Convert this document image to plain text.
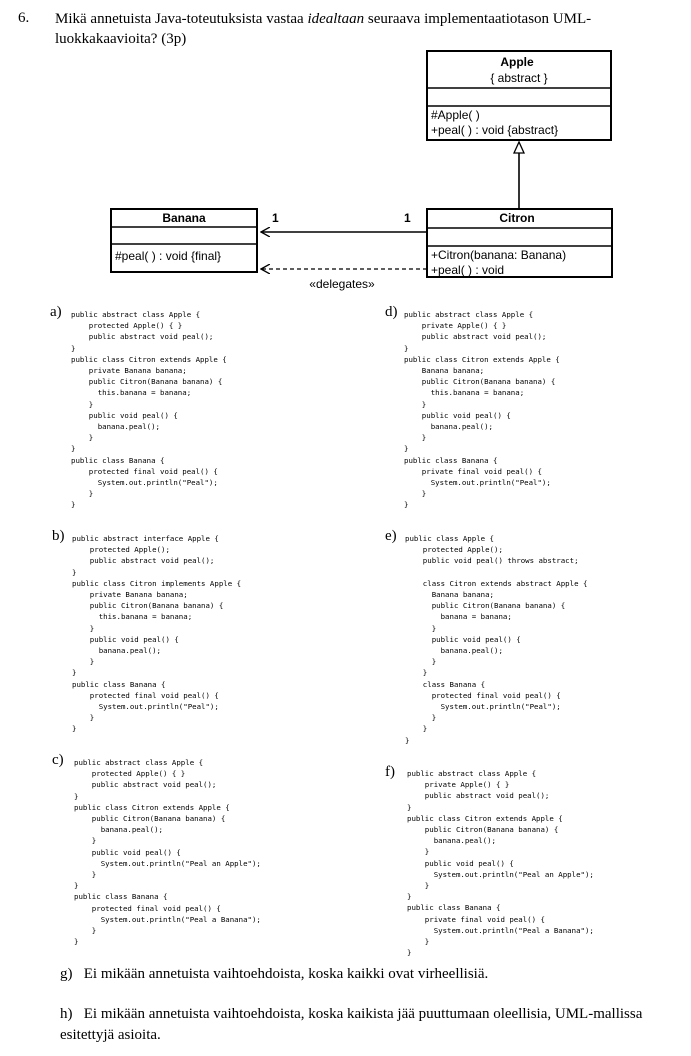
6. Mikä annetuista Java-toteutuksista vastaa idealtaan seuraava implementaatiotason UML-luokkakaavioita? (3p)
Apple
{ abstract }
#Apple( )
+peal( ) : void {abstract}
Banana
#peal( ) : void {final}
Citron
+Citron(banana: Banana)
+peal( ) : void
1	1
«delegates»
a)
b)
c)
d)
e)
f)
public abstract class Apple {
protected Apple() { }
public abstract void peal();
}
public class Citron extends Apple {
private Banana banana;
public Citron(Banana banana) {
this.banana = banana;
}
public void peal() {
banana.peal();
}
}
public class Banana {
protected final void peal() {
System.out.println("Peal");
}
}
public abstract interface Apple {
protected Apple();
public abstract void peal();
}
public class Citron implements Apple {
private Banana banana;
public Citron(Banana banana) {
this.banana = banana;
}
public void peal() {
banana.peal();
}
}
public class Banana {
protected final void peal() {
System.out.println("Peal");
}
}
public abstract class Apple {
protected Apple() { }
public abstract void peal();
}
public class Citron extends Apple {
public Citron(Banana banana) {
banana.peal();
}
public void peal() {
System.out.println("Peal an Apple");
}
}
public class Banana {
protected final void peal() {
System.out.println("Peal a Banana");
}
}
public abstract class Apple {
private Apple() { }
public abstract void peal();
}
public class Citron extends Apple {
Banana banana;
public Citron(Banana banana) {
this.banana = banana;
}
public void peal() {
banana.peal();
}
}
public class Banana {
private final void peal() {
System.out.println("Peal");
}
}
public class Apple {
protected Apple();
public void peal() throws abstract;

class Citron extends abstract Apple {
Banana banana;
public Citron(Banana banana) {
banana = banana;
}
public void peal() {
banana.peal();
}
}
class Banana {
protected final void peal() {
System.out.println("Peal");
}
}
}
public abstract class Apple {
private Apple() { }
public abstract void peal();
}
public class Citron extends Apple {
public Citron(Banana banana) {
banana.peal();
}
public void peal() {
System.out.println("Peal an Apple");
}
}
public class Banana {
private final void peal() {
System.out.println("Peal a Banana");
}
}
g) Ei mikään annetuista vaihtoehdoista, koska kaikki ovat virheellisiä.
h) Ei mikään annetuista vaihtoehdoista, koska kaikista jää puuttumaan oleellisia, UML-mallissa esitettyjä asioita.
